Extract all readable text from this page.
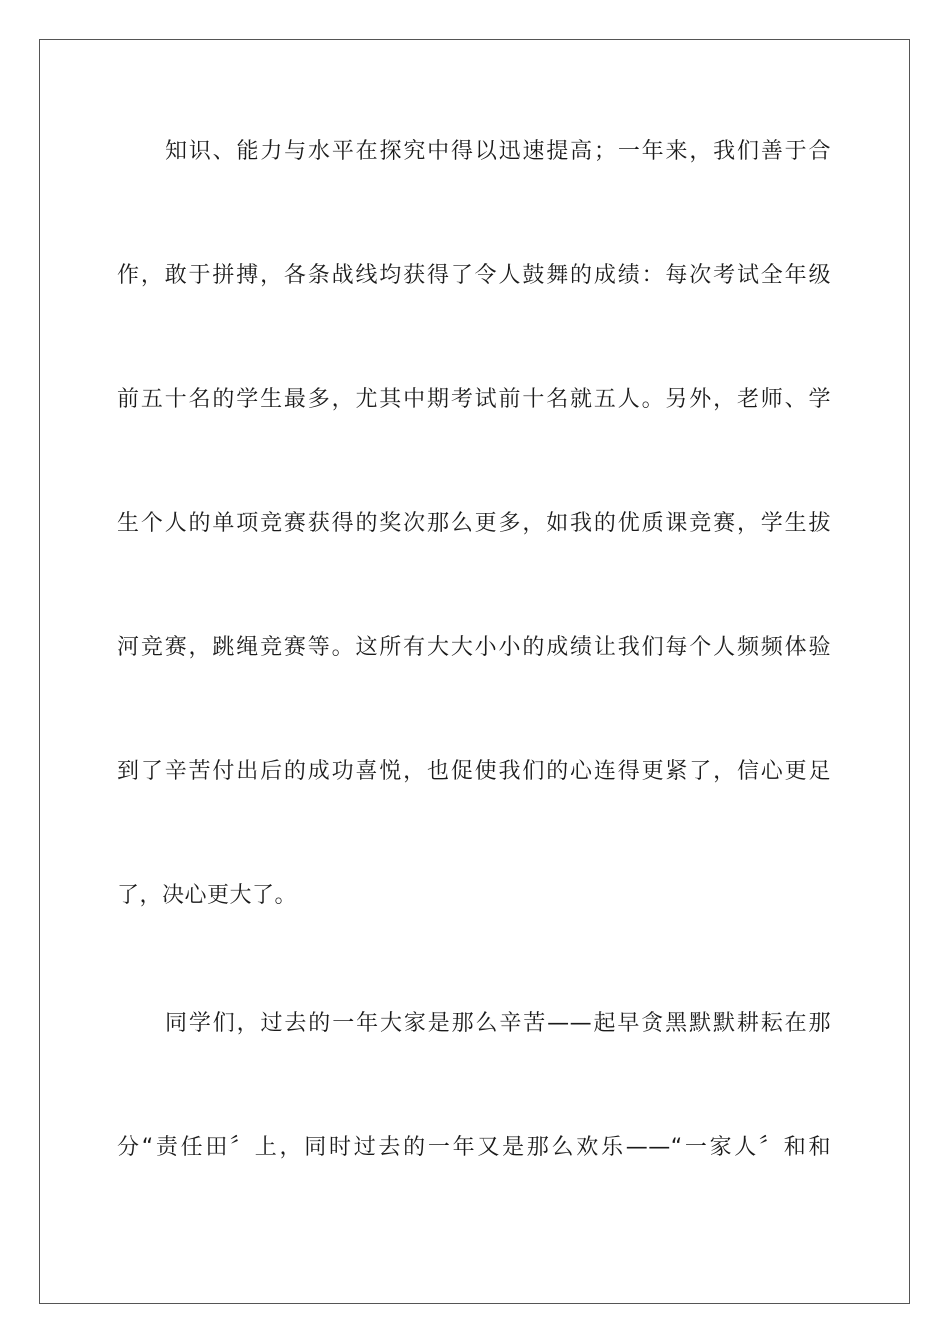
知识、能力与水平在探究中得以迅速提高；一年来，我们善于合
作，敢于拼搏，各条战线均获得了令人鼓舞的成绩：每次考试全年级
前五十名的学生最多，尤其中期考试前十名就五人。另外，老师、学
生个人的单项竞赛获得的奖次那么更多，如我的优质课竞赛，学生拔
河竞赛，跳绳竞赛等。这所有大大小小的成绩让我们每个人频频体验
到了辛苦付出后的成功喜悦，也促使我们的心连得更紧了，信心更足
了，决心更大了。
同学们，过去的一年大家是那么辛苦——起早贪黑默默耕耘在那
分“责任田〞上，同时过去的一年又是那么欢乐——“一家人〞和和
